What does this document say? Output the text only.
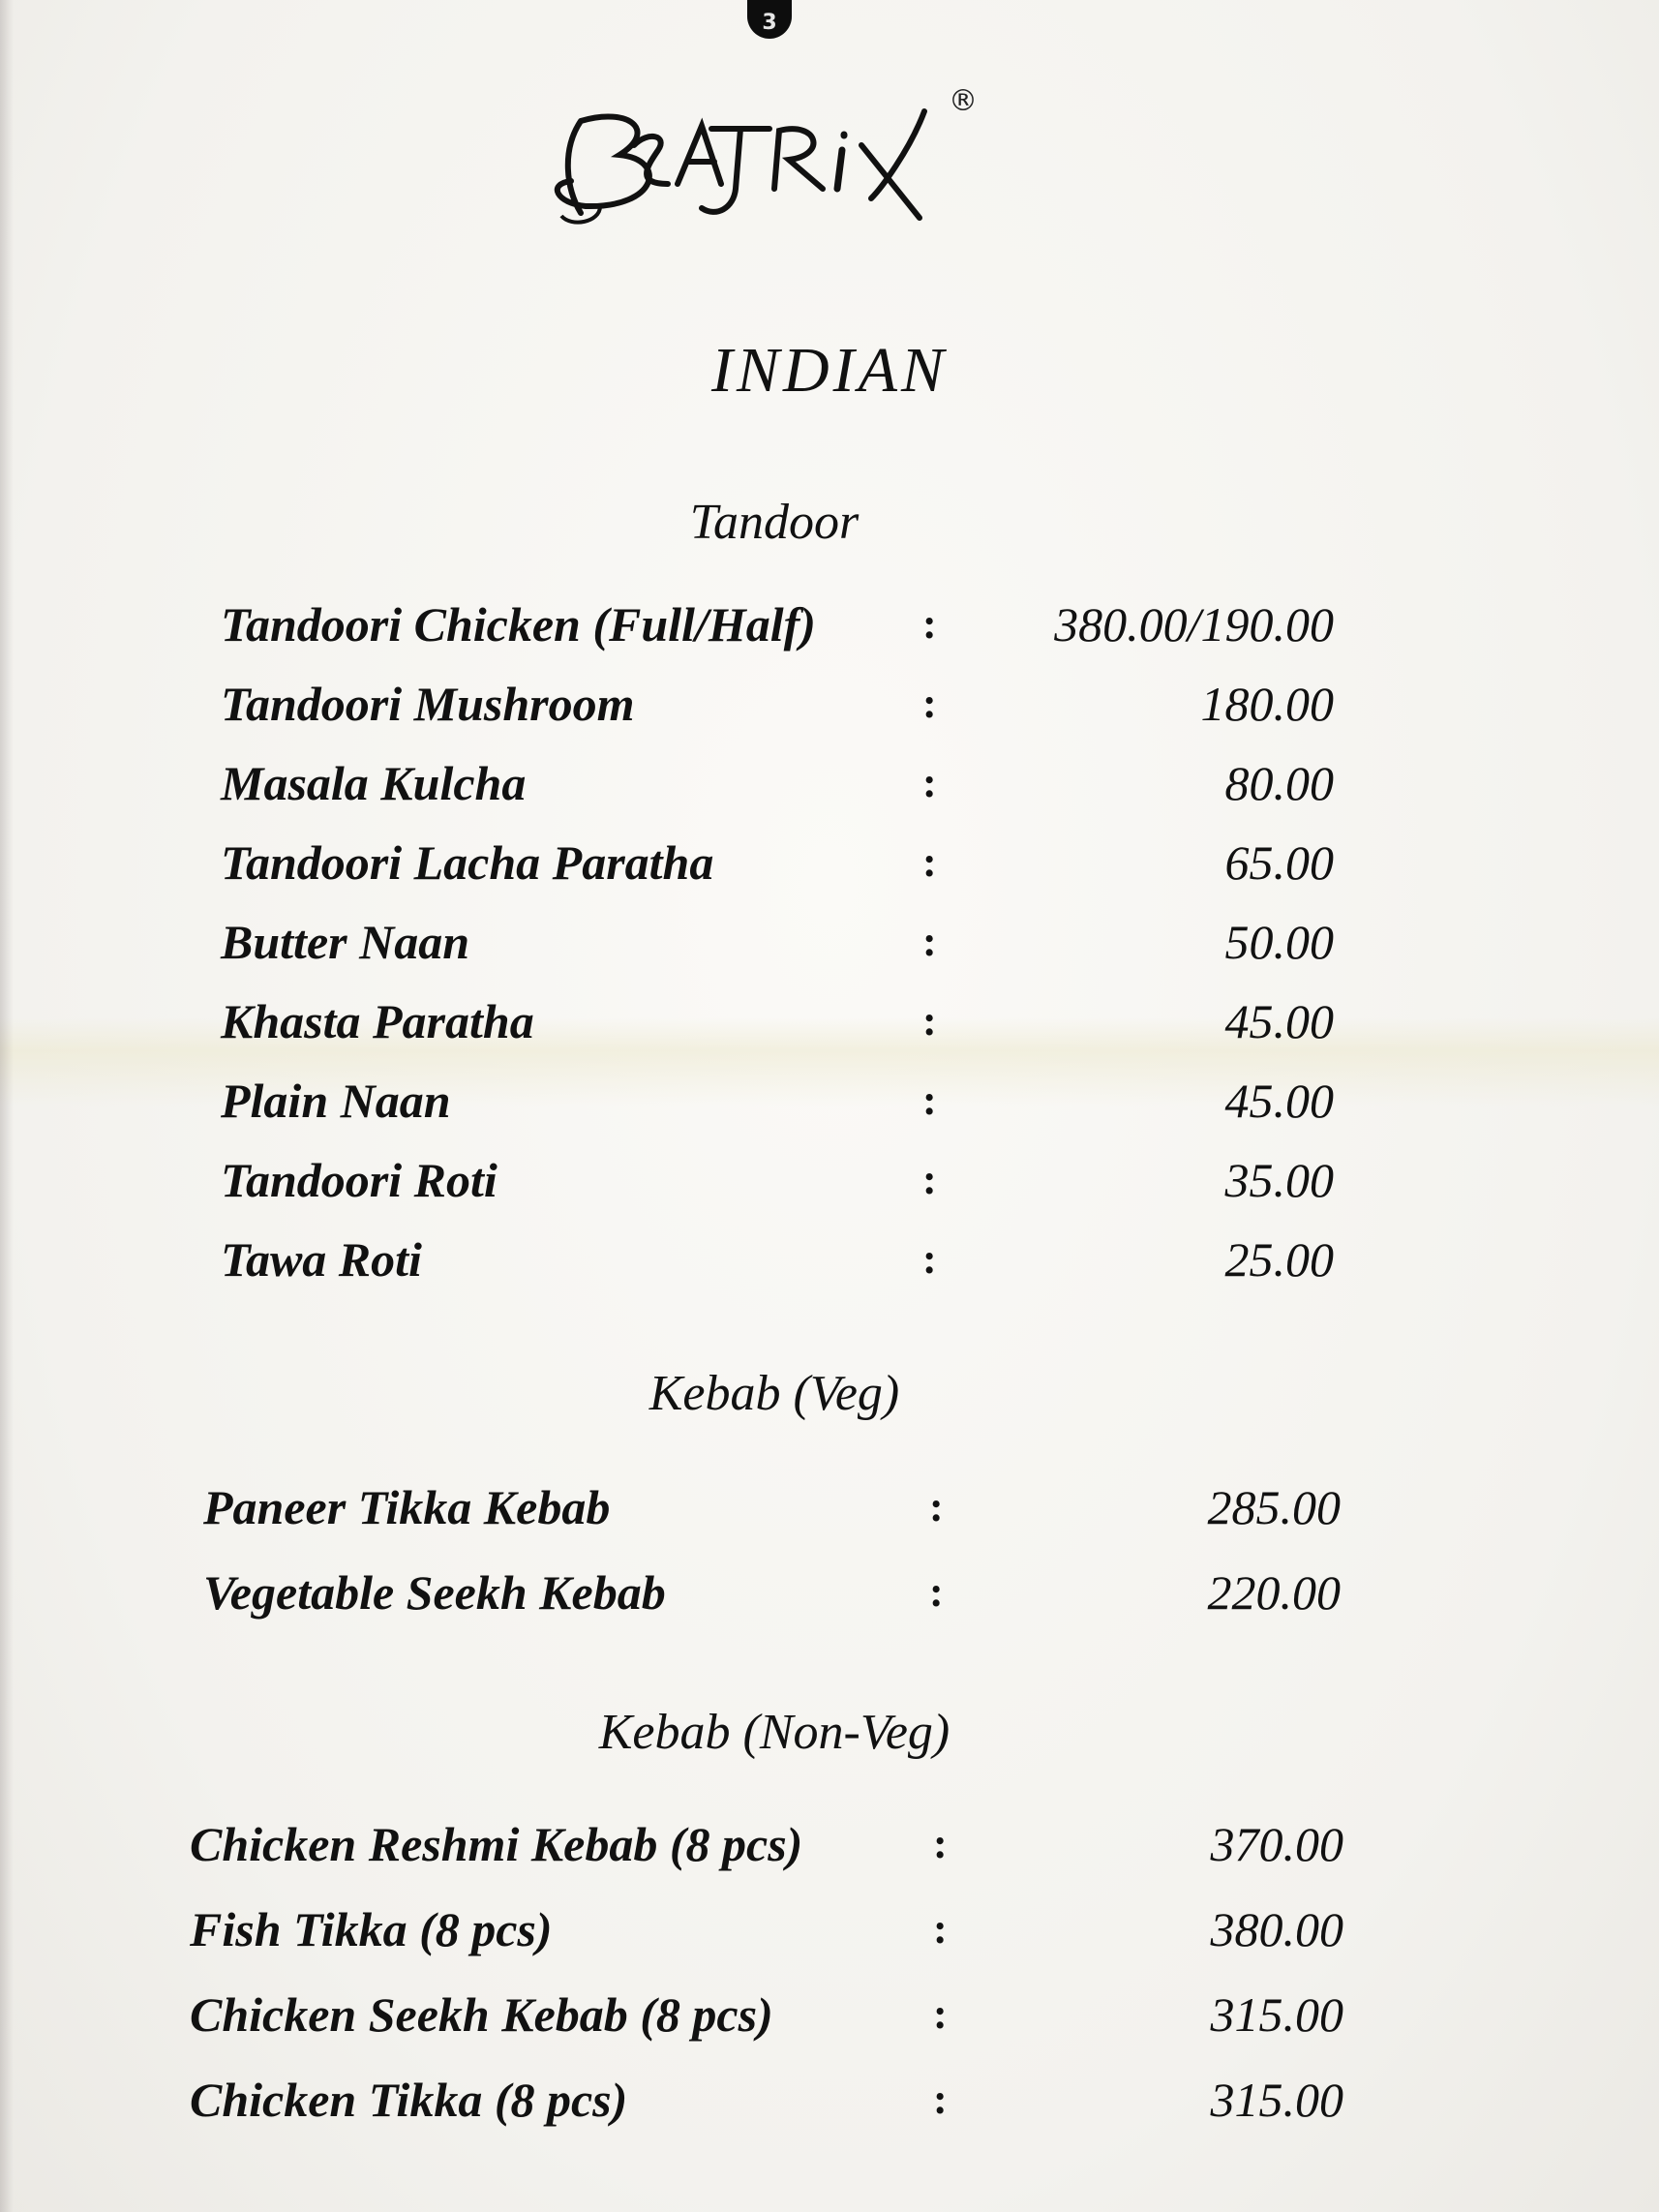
3
®
INDIAN
Tandoor
Tandoori Chicken (Full/Half)	:	380.00/190.00
Tandoori Mushroom	:	180.00
Masala Kulcha	:	80.00
Tandoori Lacha Paratha	:	65.00
Butter Naan	:	50.00
Khasta Paratha	:	45.00
Plain Naan	:	45.00
Tandoori Roti	:	35.00
Tawa Roti	:	25.00
Kebab (Veg)
Paneer Tikka Kebab	:	285.00
Vegetable Seekh Kebab	:	220.00
Kebab (Non-Veg)
Chicken Reshmi Kebab (8 pcs)	:	370.00
Fish Tikka (8 pcs)	:	380.00
Chicken Seekh Kebab (8 pcs)	:	315.00
Chicken Tikka (8 pcs)	:	315.00
